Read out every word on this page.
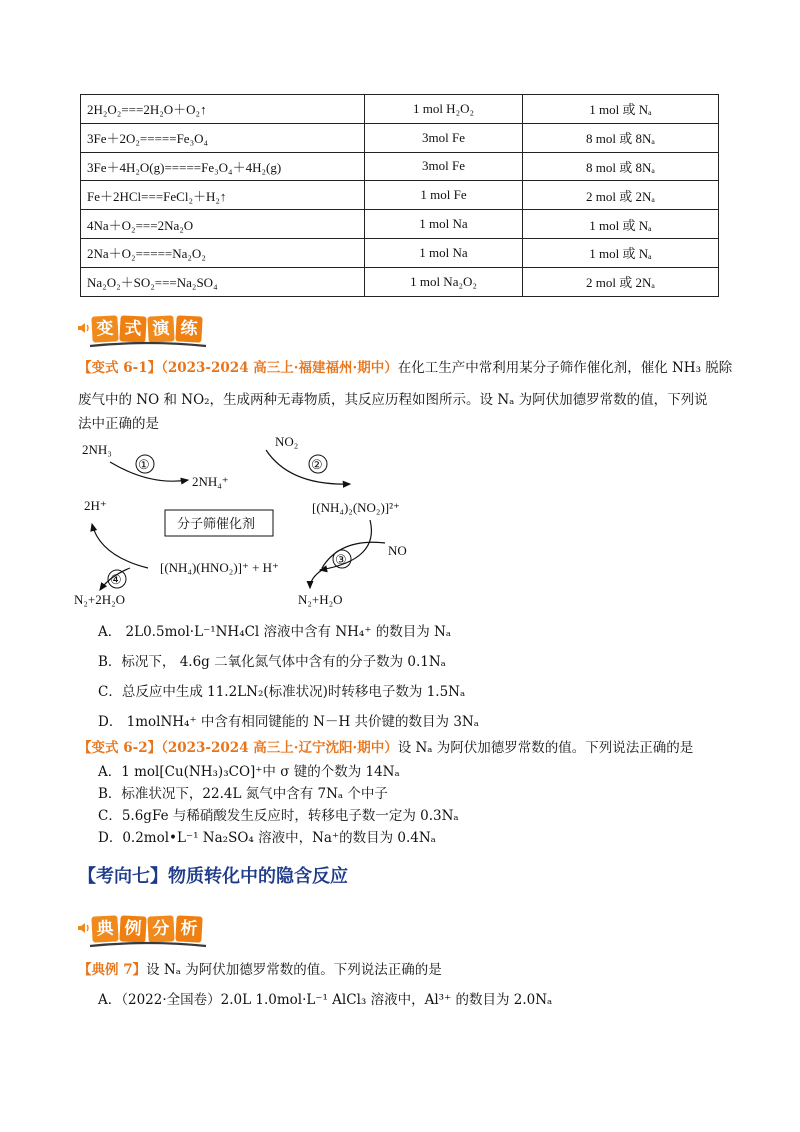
2H₂O₂===2H₂O＋O₂↑	1 mol H₂O₂	1 mol 或 Nₐ
3Fe＋2O₂=====Fe₃O₄	3mol Fe	8 mol 或 8Nₐ
3Fe＋4H₂O(g)=====Fe₃O₄＋4H₂(g)	3mol Fe	8 mol 或 8Nₐ
Fe＋2HCl===FeCl₂＋H₂↑	1 mol Fe	2 mol 或 2Nₐ
4Na＋O₂===2Na₂O	1 mol Na	1 mol 或 Nₐ
2Na＋O₂=====Na₂O₂	1 mol Na	1 mol 或 Nₐ
Na₂O₂＋SO₂===Na₂SO₄	1 mol Na₂O₂	2 mol 或 2Nₐ
变 式 演 练
【变式 6-1】（2023-2024 高三上·福建福州·期中）在化工生产中常利用某分子筛作催化剂，催化 NH₃ 脱除
废气中的 NO 和 NO₂，生成两种无毒物质，其反应历程如图所示。设 Nₐ 为阿伏加德罗常数的值，下列说
法中正确的是
2NH₃
①
2NH₄⁺
NO₂
②
[(NH₄)₂(NO₂)]²⁺
2H⁺
分子筛催化剂
[(NH₄)(HNO₂)]⁺ + H⁺
NO
③
N₂+H₂O
④
N₂+2H₂O
A． 2L0.5mol·L⁻¹NH₄Cl 溶液中含有 NH₄⁺ 的数目为 Nₐ
B．标况下， 4.6g 二氧化氮气体中含有的分子数为 0.1Nₐ
C．总反应中生成 11.2LN₂(标准状况)时转移电子数为 1.5Nₐ
D． 1molNH₄⁺ 中含有相同键能的 N－H 共价键的数目为 3Nₐ
【变式 6-2】（2023-2024 高三上·辽宁沈阳·期中）设 Nₐ 为阿伏加德罗常数的值。下列说法正确的是
A．1 mol[Cu(NH₃)₃CO]⁺中 σ 键的个数为 14Nₐ
B．标准状况下，22.4L 氮气中含有 7Nₐ 个中子
C．5.6gFe 与稀硝酸发生反应时，转移电子数一定为 0.3Nₐ
D．0.2mol•L⁻¹ Na₂SO₄ 溶液中，Na⁺的数目为 0.4Nₐ
【考向七】物质转化中的隐含反应
典 例 分 析
【典例 7】设 Nₐ 为阿伏加德罗常数的值。下列说法正确的是
A．（2022·全国卷）2.0L 1.0mol·L⁻¹ AlCl₃ 溶液中，Al³⁺ 的数目为 2.0Nₐ
